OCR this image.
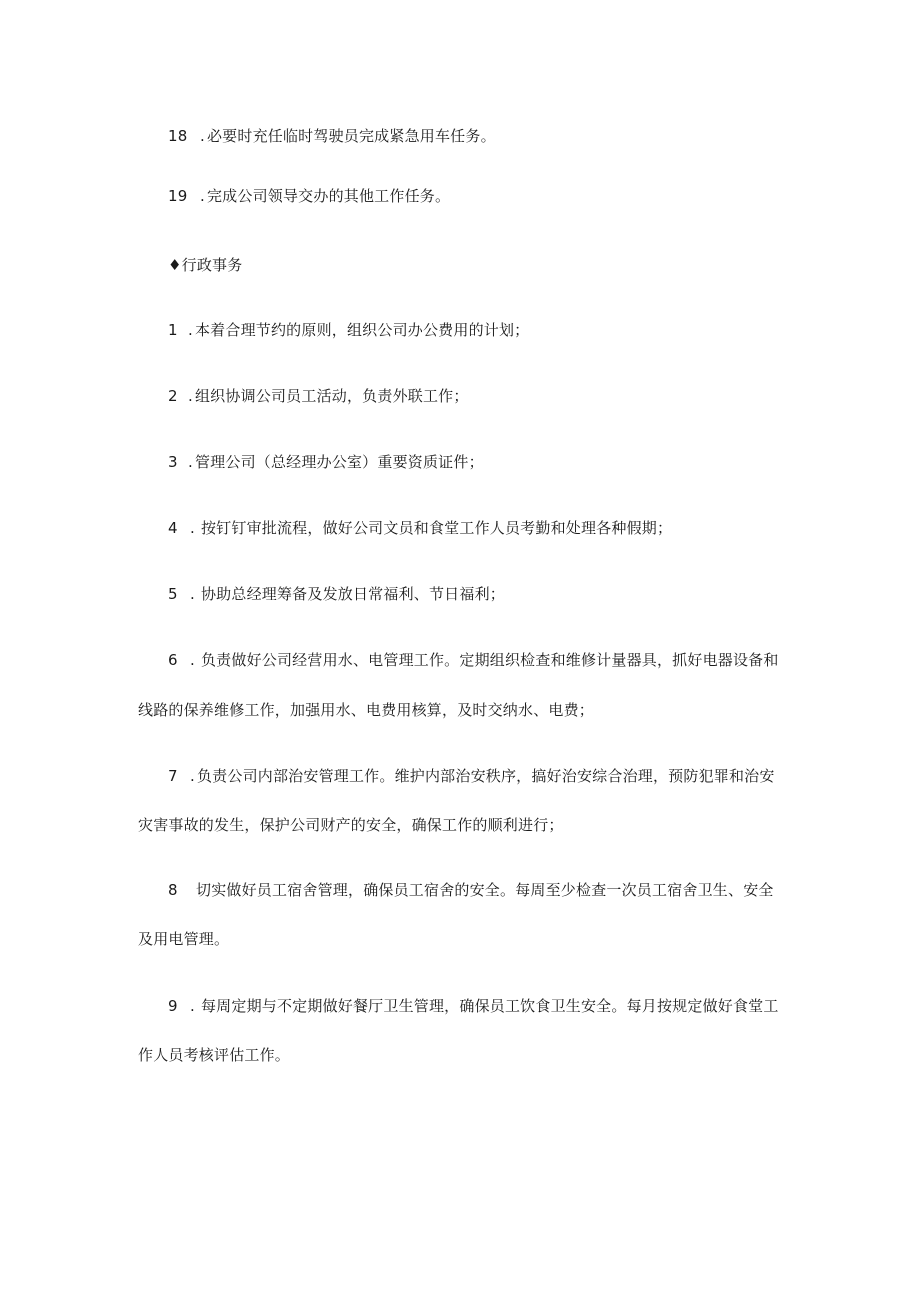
18 . 必要时充任临时驾驶员完成紧急用车任务。
19 . 完成公司领导交办的其他工作任务。
♦行政事务
1 . 本着合理节约的原则，组织公司办公费用的计划；
2 . 组织协调公司员工活动，负责外联工作；
3 . 管理公司（总经理办公室）重要资质证件；
4 . 按钉钉审批流程，做好公司文员和食堂工作人员考勤和处理各种假期；
5 . 协助总经理筹备及发放日常福利、节日福利；
6 . 负责做好公司经营用水、电管理工作。定期组织检查和维修计量器具，抓好电器设备和
线路的保养维修工作，加强用水、电费用核算，及时交纳水、电费；
7 . 负责公司内部治安管理工作。维护内部治安秩序，搞好治安综合治理，预防犯罪和治安
灾害事故的发生，保护公司财产的安全，确保工作的顺利进行；
8 切实做好员工宿舍管理，确保员工宿舍的安全。每周至少检查一次员工宿舍卫生、安全
及用电管理。
9 . 每周定期与不定期做好餐厅卫生管理，确保员工饮食卫生安全。每月按规定做好食堂工
作人员考核评估工作。
